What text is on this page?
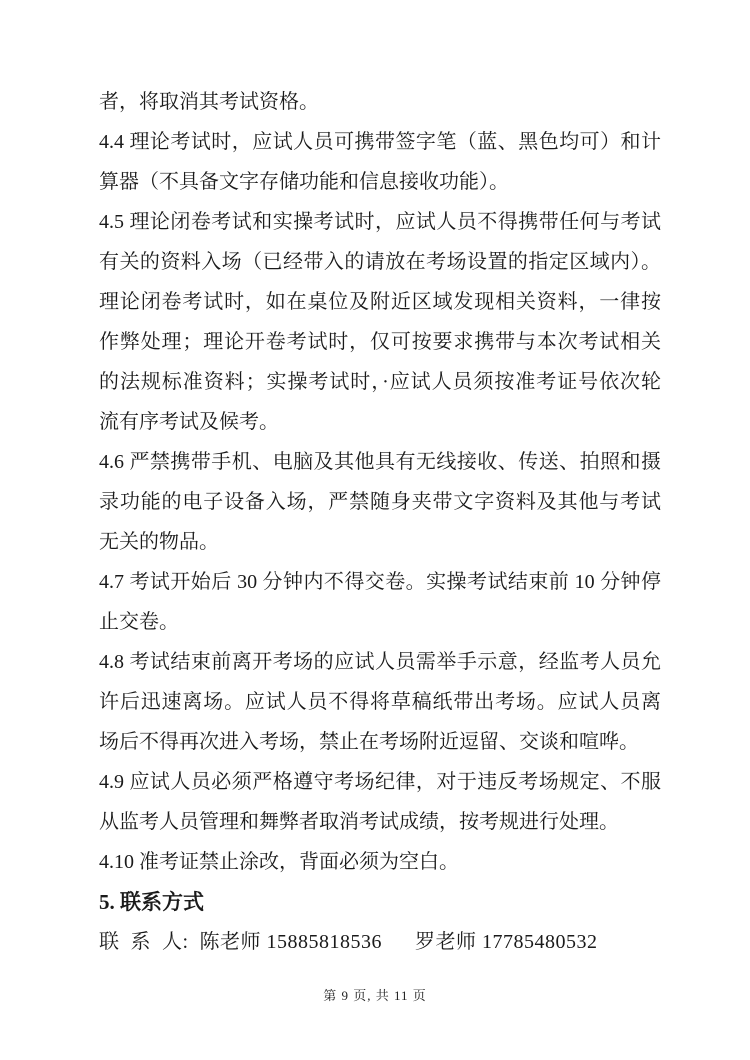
者，将取消其考试资格。
4.4 理论考试时，应试人员可携带签字笔（蓝、黑色均可）和计
算器（不具备文字存储功能和信息接收功能）。
4.5 理论闭卷考试和实操考试时，应试人员不得携带任何与考试
有关的资料入场（已经带入的请放在考场设置的指定区域内）。
理论闭卷考试时，如在桌位及附近区域发现相关资料，一律按
作弊处理；理论开卷考试时，仅可按要求携带与本次考试相关
的法规标准资料；实操考试时，·应试人员须按准考证号依次轮
流有序考试及候考。
4.6 严禁携带手机、电脑及其他具有无线接收、传送、拍照和摄
录功能的电子设备入场，严禁随身夹带文字资料及其他与考试
无关的物品。
4.7 考试开始后 30 分钟内不得交卷。实操考试结束前 10 分钟停
止交卷。
4.8 考试结束前离开考场的应试人员需举手示意，经监考人员允
许后迅速离场。应试人员不得将草稿纸带出考场。应试人员离
场后不得再次进入考场，禁止在考场附近逗留、交谈和喧哗。
4.9 应试人员必须严格遵守考场纪律，对于违反考场规定、不服
从监考人员管理和舞弊者取消考试成绩，按考规进行处理。
4.10 准考证禁止涂改，背面必须为空白。
5. 联系方式
联  系  人:  陈老师 15885818536      罗老师 17785480532
第 9 页, 共 11 页
